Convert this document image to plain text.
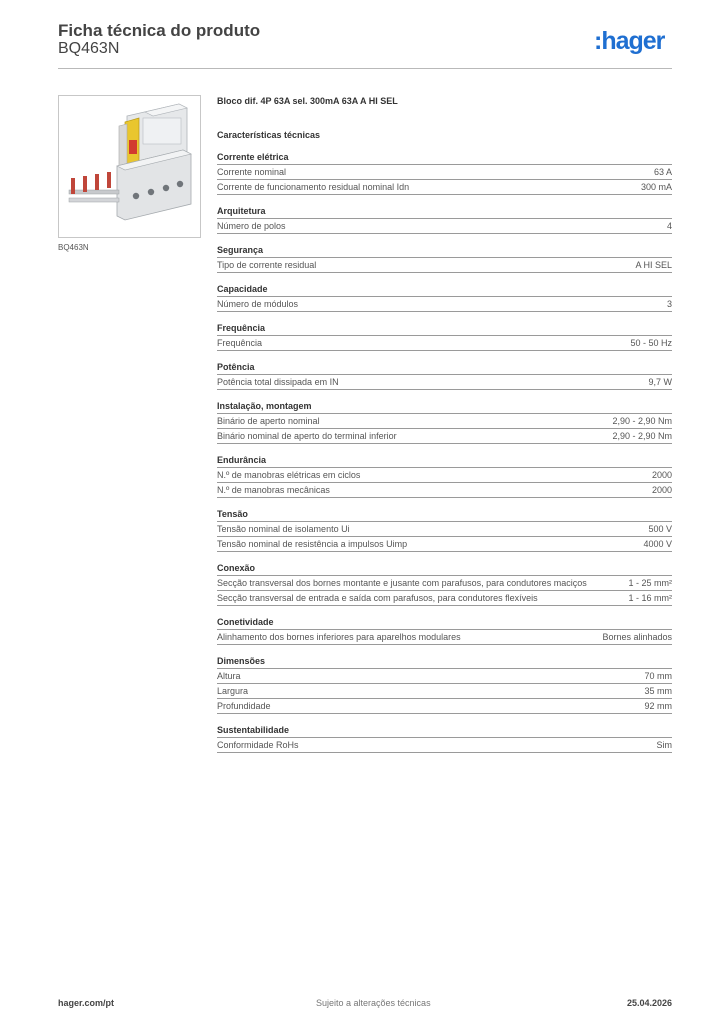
Ficha técnica do produto
BQ463N	:hager
BQ463N
Bloco dif. 4P 63A sel. 300mA 63A A HI SEL
Características técnicas
Corrente elétrica
Corrente nominal	63 A
Corrente de funcionamento residual nominal Idn	300 mA
Arquitetura
Número de polos	4
Segurança
Tipo de corrente residual	A HI SEL
Capacidade
Número de módulos	3
Frequência
Frequência	50 - 50 Hz
Potência
Potência total dissipada em IN	9,7 W
Instalação, montagem
Binário de aperto nominal	2,90 - 2,90 Nm
Binário nominal de aperto do terminal inferior	2,90 - 2,90 Nm
Endurância
N.º de manobras elétricas em ciclos	2000
N.º de manobras mecânicas	2000
Tensão
Tensão nominal de isolamento Ui	500 V
Tensão nominal de resistência a impulsos Uimp	4000 V
Conexão
Secção transversal dos bornes montante e jusante com parafusos, para condutores maciços	1 - 25 mm²
Secção transversal de entrada e saída com parafusos, para condutores flexíveis	1 - 16 mm²
Conetividade
Alinhamento dos bornes inferiores para aparelhos modulares	Bornes alinhados
Dimensões
Altura	70 mm
Largura	35 mm
Profundidade	92 mm
Sustentabilidade
Conformidade RoHs	Sim
hager.com/pt	Sujeito a alterações técnicas	25.04.2026
